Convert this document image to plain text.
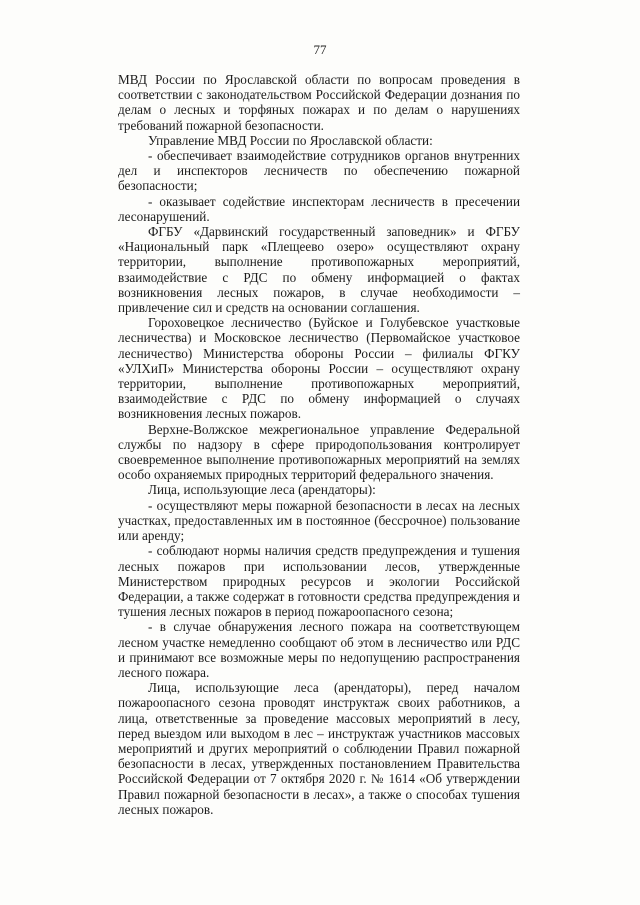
77

МВД России по Ярославской области по вопросам проведения в соответствии с законодательством Российской Федерации дознания по делам о лесных и торфяных пожарах и по делам о нарушениях требований пожарной безопасности.

Управление МВД России по Ярославской области:

- обеспечивает взаимодействие сотрудников органов внутренних дел и инспекторов лесничеств по обеспечению пожарной безопасности;

- оказывает содействие инспекторам лесничеств в пресечении лесонарушений.

ФГБУ «Дарвинский государственный заповедник» и ФГБУ «Национальный парк «Плещеево озеро» осуществляют охрану территории, выполнение противопожарных мероприятий, взаимодействие с РДС по обмену информацией о фактах возникновения лесных пожаров, в случае необходимости – привлечение сил и средств на основании соглашения.

Гороховецкое лесничество (Буйское и Голубевское участковые лесничества) и Московское лесничество (Первомайское участковое лесничество) Министерства обороны России – филиалы ФГКУ «УЛХиП» Министерства обороны России – осуществляют охрану территории, выполнение противопожарных мероприятий, взаимодействие с РДС по обмену информацией о случаях возникновения лесных пожаров.

Верхне-Волжское межрегиональное управление Федеральной службы по надзору в сфере природопользования контролирует своевременное выполнение противопожарных мероприятий на землях особо охраняемых природных территорий федерального значения.

Лица, использующие леса (арендаторы):

- осуществляют меры пожарной безопасности в лесах на лесных участках, предоставленных им в постоянное (бессрочное) пользование или аренду;

- соблюдают нормы наличия средств предупреждения и тушения лесных пожаров при использовании лесов, утвержденные Министерством природных ресурсов и экологии Российской Федерации, а также содержат в готовности средства предупреждения и тушения лесных пожаров в период пожароопасного сезона;

- в случае обнаружения лесного пожара на соответствующем лесном участке немедленно сообщают об этом в лесничество или РДС и принимают все возможные меры по недопущению распространения лесного пожара.

Лица, использующие леса (арендаторы), перед началом пожароопасного сезона проводят инструктаж своих работников, а лица, ответственные за проведение массовых мероприятий в лесу, перед выездом или выходом в лес – инструктаж участников массовых мероприятий и других мероприятий о соблюдении Правил пожарной безопасности в лесах, утвержденных постановлением Правительства Российской Федерации от 7 октября 2020 г. № 1614 «Об утверждении Правил пожарной безопасности в лесах», а также о способах тушения лесных пожаров.
